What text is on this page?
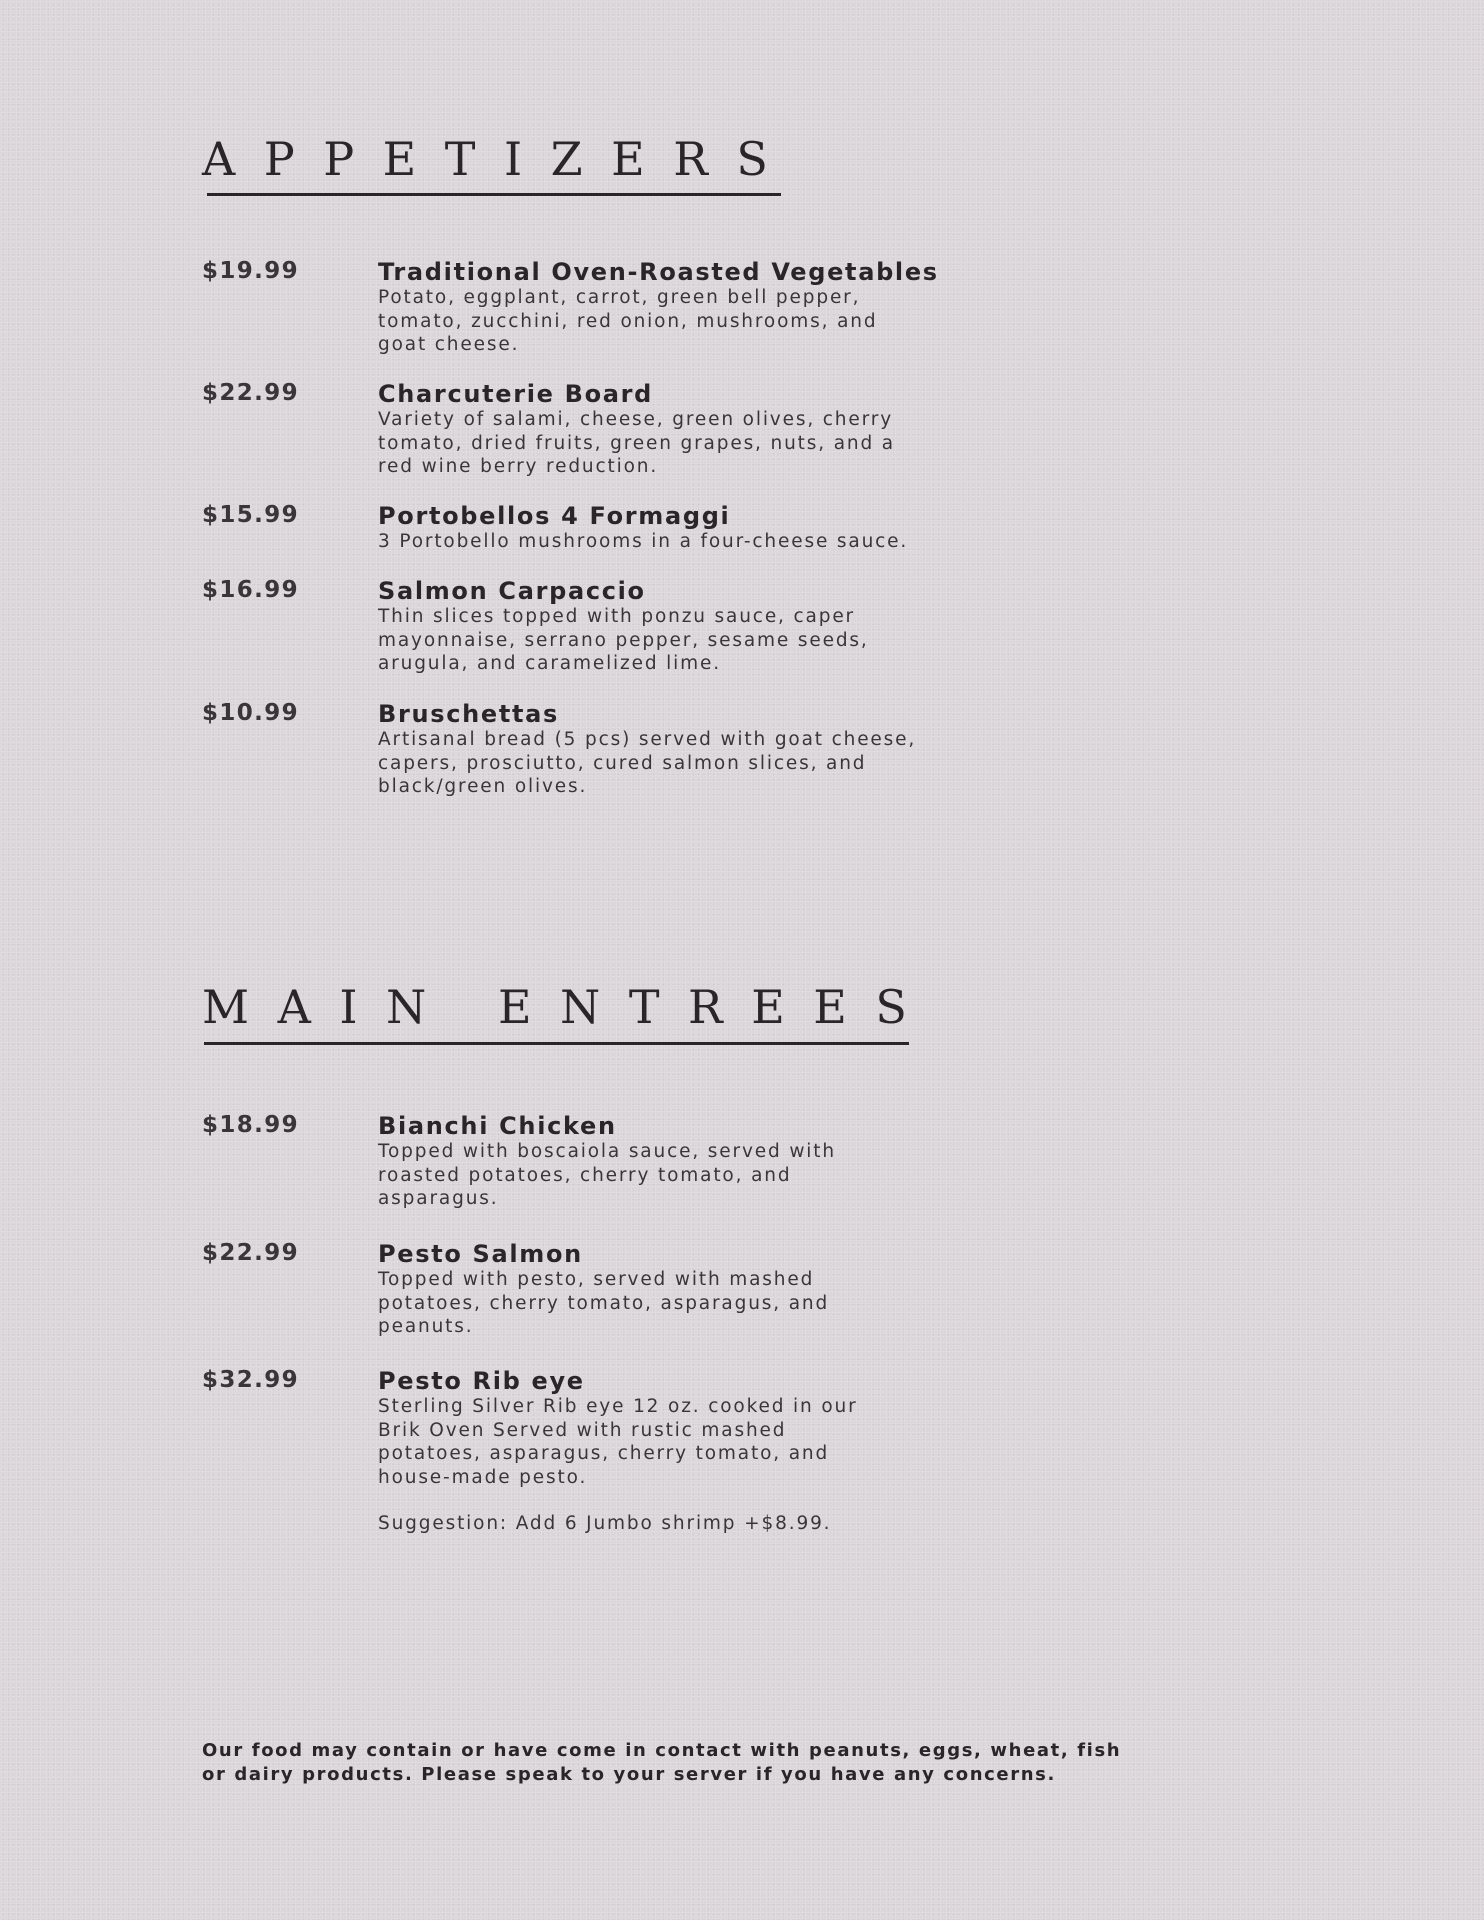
APPETIZERS
$19.99	Traditional Oven-Roasted Vegetables
Potato, eggplant, carrot, green bell pepper,
tomato, zucchini, red onion, mushrooms, and
goat cheese.
$22.99	Charcuterie Board
Variety of salami, cheese, green olives, cherry
tomato, dried fruits, green grapes, nuts, and a
red wine berry reduction.
$15.99	Portobellos 4 Formaggi
3 Portobello mushrooms in a four-cheese sauce.
$16.99	Salmon Carpaccio
Thin slices topped with ponzu sauce, caper
mayonnaise, serrano pepper, sesame seeds,
arugula, and caramelized lime.
$10.99	Bruschettas
Artisanal bread (5 pcs) served with goat cheese,
capers, prosciutto, cured salmon slices, and
black/green olives.
MAIN ENTREES
$18.99	Bianchi Chicken
Topped with boscaiola sauce, served with
roasted potatoes, cherry tomato, and
asparagus.
$22.99	Pesto Salmon
Topped with pesto, served with mashed
potatoes, cherry tomato, asparagus, and
peanuts.
$32.99	Pesto Rib eye
Sterling Silver Rib eye 12 oz. cooked in our
Brik Oven Served with rustic mashed
potatoes, asparagus, cherry tomato, and
house-made pesto.
Suggestion: Add 6 Jumbo shrimp +$8.99.
Our food may contain or have come in contact with peanuts, eggs, wheat, fish
or dairy products. Please speak to your server if you have any concerns.
